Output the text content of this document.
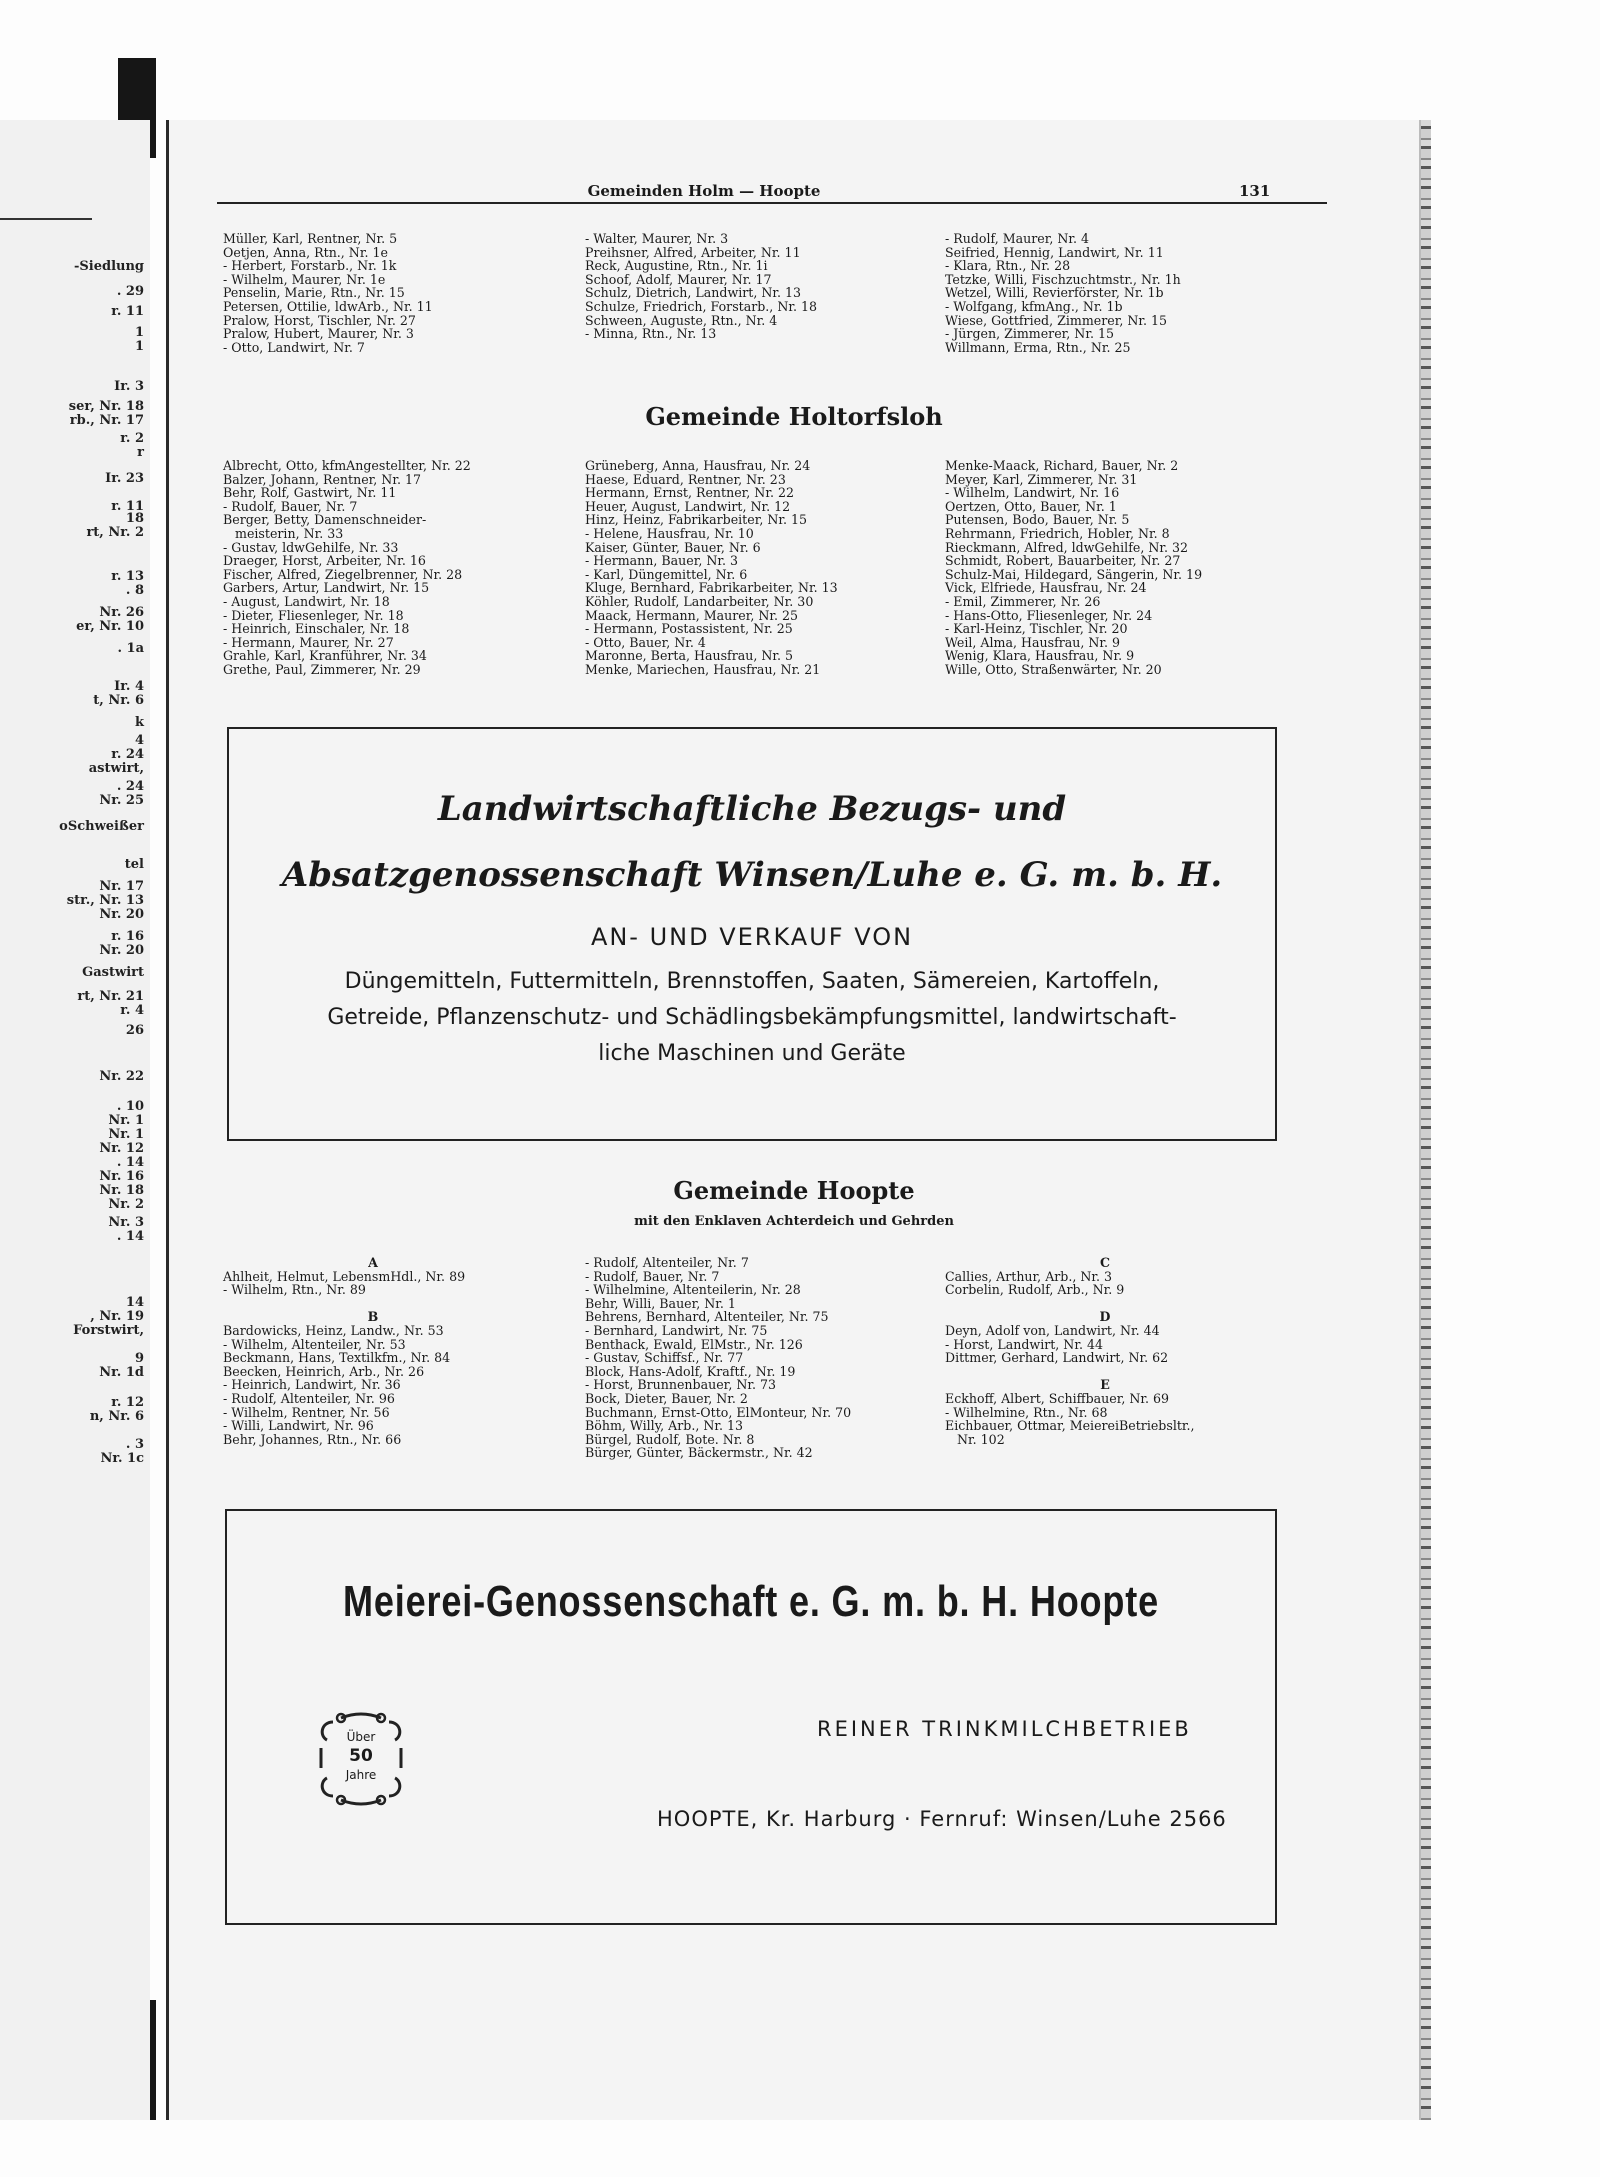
-Siedlung
. 29
r. 11
1
1
Ir. 3
ser, Nr. 18
rb., Nr. 17
r. 2
r
Ir. 23
r. 11
18
rt, Nr. 2
r. 13
. 8
Nr. 26
er, Nr. 10
. 1a
Ir. 4
t, Nr. 6
k
4
r. 24
astwirt,
. 24
Nr. 25
oSchweißer
tel
Nr. 17
str., Nr. 13
Nr. 20
r. 16
Nr. 20
Gastwirt
rt, Nr. 21
r. 4
26
Nr. 22
. 10
Nr. 1
Nr. 1
Nr. 12
. 14
Nr. 16
Nr. 18
Nr. 2
Nr. 3
. 14
14
, Nr. 19
Forstwirt,
9
Nr. 1d
r. 12
n, Nr. 6
. 3
Nr. 1c
Gemeinden Holm — Hoopte	131
Müller, Karl, Rentner, Nr. 5
Oetjen, Anna, Rtn., Nr. 1e
- Herbert, Forstarb., Nr. 1k
- Wilhelm, Maurer, Nr. 1e
Penselin, Marie, Rtn., Nr. 15
Petersen, Ottilie, ldwArb., Nr. 11
Pralow, Horst, Tischler, Nr. 27
Pralow, Hubert, Maurer, Nr. 3
- Otto, Landwirt, Nr. 7
- Walter, Maurer, Nr. 3
Preihsner, Alfred, Arbeiter, Nr. 11
Reck, Augustine, Rtn., Nr. 1i
Schoof, Adolf, Maurer, Nr. 17
Schulz, Dietrich, Landwirt, Nr. 13
Schulze, Friedrich, Forstarb., Nr. 18
Schween, Auguste, Rtn., Nr. 4
- Minna, Rtn., Nr. 13
- Rudolf, Maurer, Nr. 4
Seifried, Hennig, Landwirt, Nr. 11
- Klara, Rtn., Nr. 28
Tetzke, Willi, Fischzuchtmstr., Nr. 1h
Wetzel, Willi, Revierförster, Nr. 1b
- Wolfgang, kfmAng., Nr. 1b
Wiese, Gottfried, Zimmerer, Nr. 15
- Jürgen, Zimmerer, Nr. 15
Willmann, Erma, Rtn., Nr. 25
Gemeinde Holtorfsloh
Albrecht, Otto, kfmAngestellter, Nr. 22
Balzer, Johann, Rentner, Nr. 17
Behr, Rolf, Gastwirt, Nr. 11
- Rudolf, Bauer, Nr. 7
Berger, Betty, Damenschneider-
meisterin, Nr. 33
- Gustav, ldwGehilfe, Nr. 33
Draeger, Horst, Arbeiter, Nr. 16
Fischer, Alfred, Ziegelbrenner, Nr. 28
Garbers, Artur, Landwirt, Nr. 15
- August, Landwirt, Nr. 18
- Dieter, Fliesenleger, Nr. 18
- Heinrich, Einschaler, Nr. 18
- Hermann, Maurer, Nr. 27
Grahle, Karl, Kranführer, Nr. 34
Grethe, Paul, Zimmerer, Nr. 29
Grüneberg, Anna, Hausfrau, Nr. 24
Haese, Eduard, Rentner, Nr. 23
Hermann, Ernst, Rentner, Nr. 22
Heuer, August, Landwirt, Nr. 12
Hinz, Heinz, Fabrikarbeiter, Nr. 15
- Helene, Hausfrau, Nr. 10
Kaiser, Günter, Bauer, Nr. 6
- Hermann, Bauer, Nr. 3
- Karl, Düngemittel, Nr. 6
Kluge, Bernhard, Fabrikarbeiter, Nr. 13
Köhler, Rudolf, Landarbeiter, Nr. 30
Maack, Hermann, Maurer, Nr. 25
- Hermann, Postassistent, Nr. 25
- Otto, Bauer, Nr. 4
Maronne, Berta, Hausfrau, Nr. 5
Menke, Mariechen, Hausfrau, Nr. 21
Menke-Maack, Richard, Bauer, Nr. 2
Meyer, Karl, Zimmerer, Nr. 31
- Wilhelm, Landwirt, Nr. 16
Oertzen, Otto, Bauer, Nr. 1
Putensen, Bodo, Bauer, Nr. 5
Rehrmann, Friedrich, Hobler, Nr. 8
Rieckmann, Alfred, ldwGehilfe, Nr. 32
Schmidt, Robert, Bauarbeiter, Nr. 27
Schulz-Mai, Hildegard, Sängerin, Nr. 19
Vick, Elfriede, Hausfrau, Nr. 24
- Emil, Zimmerer, Nr. 26
- Hans-Otto, Fliesenleger, Nr. 24
- Karl-Heinz, Tischler, Nr. 20
Weil, Alma, Hausfrau, Nr. 9
Wenig, Klara, Hausfrau, Nr. 9
Wille, Otto, Straßenwärter, Nr. 20
Landwirtschaftliche Bezugs- und
Absatzgenossenschaft Winsen/Luhe e. G. m. b. H.
AN- UND VERKAUF VON
Düngemitteln, Futtermitteln, Brennstoffen, Saaten, Sämereien, Kartoffeln,
Getreide, Pflanzenschutz- und Schädlingsbekämpfungsmittel, landwirtschaft-
liche Maschinen und Geräte
Gemeinde Hoopte
mit den Enklaven Achterdeich und Gehrden
A
Ahlheit, Helmut, LebensmHdl., Nr. 89
- Wilhelm, Rtn., Nr. 89
B
Bardowicks, Heinz, Landw., Nr. 53
- Wilhelm, Altenteiler, Nr. 53
Beckmann, Hans, Textilkfm., Nr. 84
Beecken, Heinrich, Arb., Nr. 26
- Heinrich, Landwirt, Nr. 36
- Rudolf, Altenteiler, Nr. 96
- Wilhelm, Rentner, Nr. 56
- Willi, Landwirt, Nr. 96
Behr, Johannes, Rtn., Nr. 66
- Rudolf, Altenteiler, Nr. 7
- Rudolf, Bauer, Nr. 7
- Wilhelmine, Altenteilerin, Nr. 28
Behr, Willi, Bauer, Nr. 1
Behrens, Bernhard, Altenteiler, Nr. 75
- Bernhard, Landwirt, Nr. 75
Benthack, Ewald, ElMstr., Nr. 126
- Gustav, Schiffsf., Nr. 77
Block, Hans-Adolf, Kraftf., Nr. 19
- Horst, Brunnenbauer, Nr. 73
Bock, Dieter, Bauer, Nr. 2
Buchmann, Ernst-Otto, ElMonteur, Nr. 70
Böhm, Willy, Arb., Nr. 13
Bürgel, Rudolf, Bote. Nr. 8
Bürger, Günter, Bäckermstr., Nr. 42
C
Callies, Arthur, Arb., Nr. 3
Corbelin, Rudolf, Arb., Nr. 9
D
Deyn, Adolf von, Landwirt, Nr. 44
- Horst, Landwirt, Nr. 44
Dittmer, Gerhard, Landwirt, Nr. 62
E
Eckhoff, Albert, Schiffbauer, Nr. 69
- Wilhelmine, Rtn., Nr. 68
Eichbauer, Ottmar, MeiereiBetriebsltr.,
Nr. 102
Meierei-Genossenschaft e. G. m. b. H. Hoopte
REINER TRINKMILCHBETRIEB
Über
50
Jahre
HOOPTE, Kr. Harburg · Fernruf: Winsen/Luhe 2566
